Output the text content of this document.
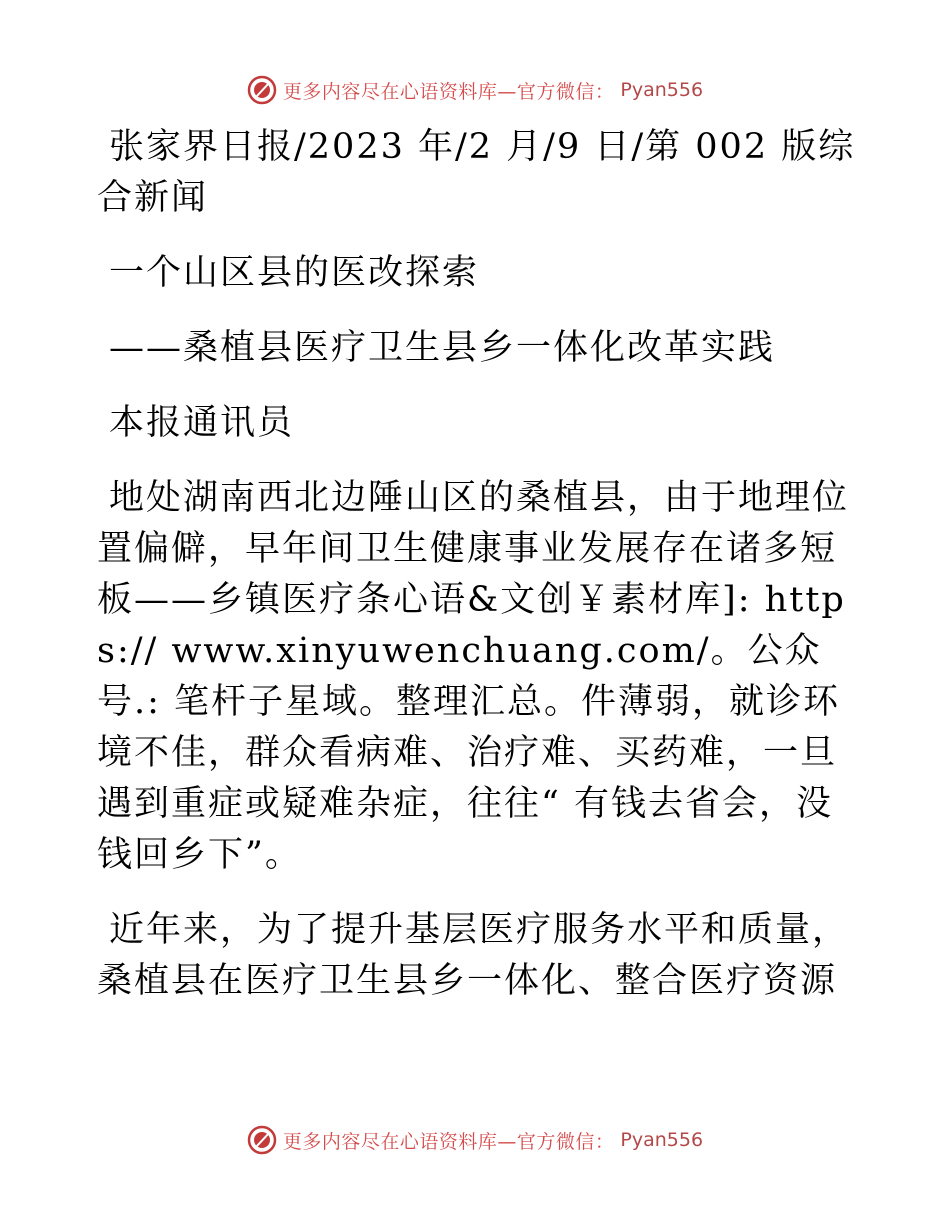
更多内容尽在心语资料库—官方微信： Pyan556

张家界日报/2023 年/2 月/9 日/第 002 版综合新闻

一个山区县的医改探索

——桑植县医疗卫生县乡一体化改革实践

本报通讯员

地处湖南西北边陲山区的桑植县，由于地理位置偏僻，早年间卫生健康事业发展存在诸多短板——乡镇医疗条心语&文创￥素材库]: https:// www.xinyuwenchuang.com/。公众号.: 笔杆子星域。整理汇总。件薄弱，就诊环境不佳，群众看病难、治疗难、买药难，一旦遇到重症或疑难杂症，往往“ 有钱去省会，没钱回乡下”。

近年来，为了提升基层医疗服务水平和质量，桑植县在医疗卫生县乡一体化、整合医疗资源

更多内容尽在心语资料库—官方微信： Pyan556
